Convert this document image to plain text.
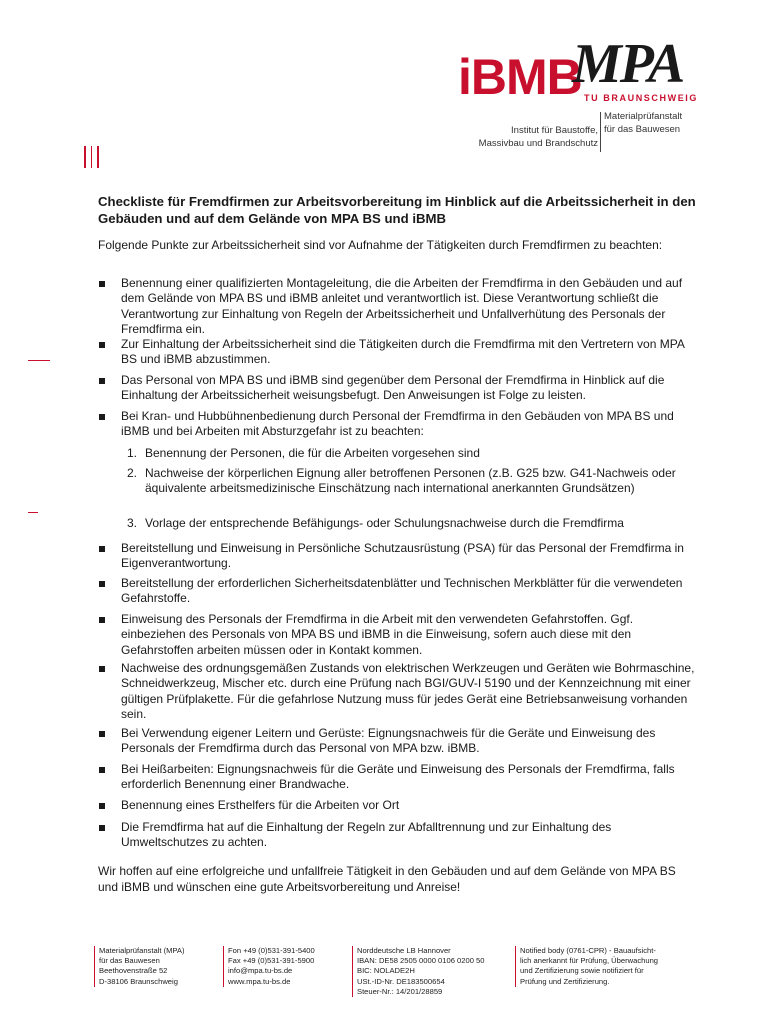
iBMB
MPA
TU BRAUNSCHWEIG
Institut für Baustoffe,
Massivbau und Brandschutz
Materialprüfanstalt
für das Bauwesen
Checkliste für Fremdfirmen zur Arbeitsvorbereitung im Hinblick auf die Arbeitssicherheit in den Gebäuden und auf dem Gelände von MPA BS und iBMB
Folgende Punkte zur Arbeitssicherheit sind vor Aufnahme der Tätigkeiten durch Fremdfirmen zu beachten:
Benennung einer qualifizierten Montageleitung, die die Arbeiten der Fremdfirma in den Gebäuden und auf dem Gelände von MPA BS und iBMB anleitet und verantwortlich ist. Diese Verantwortung schließt die Verantwortung zur Einhaltung von Regeln der Arbeitssicherheit und Unfallverhütung des Personals der Fremdfirma ein.
Zur Einhaltung der Arbeitssicherheit sind die Tätigkeiten durch die Fremdfirma mit den Vertretern von MPA BS und iBMB abzustimmen.
Das Personal von MPA BS und iBMB sind gegenüber dem Personal der Fremdfirma in Hinblick auf die Einhaltung der Arbeitssicherheit weisungsbefugt. Den Anweisungen ist Folge zu leisten.
Bei Kran- und Hubbühnenbedienung durch Personal der Fremdfirma in den Gebäuden von MPA BS und iBMB und bei Arbeiten mit Absturzgefahr ist zu beachten:
1. Benennung der Personen, die für die Arbeiten vorgesehen sind
2. Nachweise der körperlichen Eignung aller betroffenen Personen (z.B. G25 bzw. G41-Nachweis oder äquivalente arbeitsmedizinische Einschätzung nach international anerkannten Grundsätzen)
3. Vorlage der entsprechende Befähigungs- oder Schulungsnachweise durch die Fremdfirma
Bereitstellung und Einweisung in Persönliche Schutzausrüstung (PSA) für das Personal der Fremdfirma in Eigenverantwortung.
Bereitstellung der erforderlichen Sicherheitsdatenblätter und Technischen Merkblätter für die verwendeten Gefahrstoffe.
Einweisung des Personals der Fremdfirma in die Arbeit mit den verwendeten Gefahrstoffen. Ggf. einbeziehen des Personals von MPA BS und iBMB in die Einweisung, sofern auch diese mit den Gefahrstoffen arbeiten müssen oder in Kontakt kommen.
Nachweise des ordnungsgemäßen Zustands von elektrischen Werkzeugen und Geräten wie Bohrmaschine, Schneidwerkzeug, Mischer etc. durch eine Prüfung nach BGI/GUV-I 5190 und der Kennzeichnung mit einer gültigen Prüfplakette. Für die gefahrlose Nutzung muss für jedes Gerät eine Betriebsanweisung vorhanden sein.
Bei Verwendung eigener Leitern und Gerüste: Eignungsnachweis für die Geräte und Einweisung des Personals der Fremdfirma durch das Personal von MPA bzw. iBMB.
Bei Heißarbeiten: Eignungsnachweis für die Geräte und Einweisung des Personals der Fremdfirma, falls erforderlich Benennung einer Brandwache.
Benennung eines Ersthelfers für die Arbeiten vor Ort
Die Fremdfirma hat auf die Einhaltung der Regeln zur Abfalltrennung und zur Einhaltung des Umweltschutzes zu achten.
Wir hoffen auf eine erfolgreiche und unfallfreie Tätigkeit in den Gebäuden und auf dem Gelände von MPA BS und iBMB und wünschen eine gute Arbeitsvorbereitung und Anreise!
Materialprüfanstalt (MPA)
für das Bauwesen
Beethovenstraße 52
D-38106 Braunschweig
Fon +49 (0)531-391-5400
Fax +49 (0)531-391-5900
info@mpa.tu-bs.de
www.mpa.tu-bs.de
Norddeutsche LB Hannover
IBAN: DE58 2505 0000 0106 0200 50
BIC: NOLADE2H
USt.-ID-Nr. DE183500654
Steuer-Nr.: 14/201/28859
Notified body (0761-CPR) - Bauaufsicht-
lich anerkannt für Prüfung, Überwachung
und Zertifizierung sowie notifiziert für
Prüfung und Zertifizierung.
